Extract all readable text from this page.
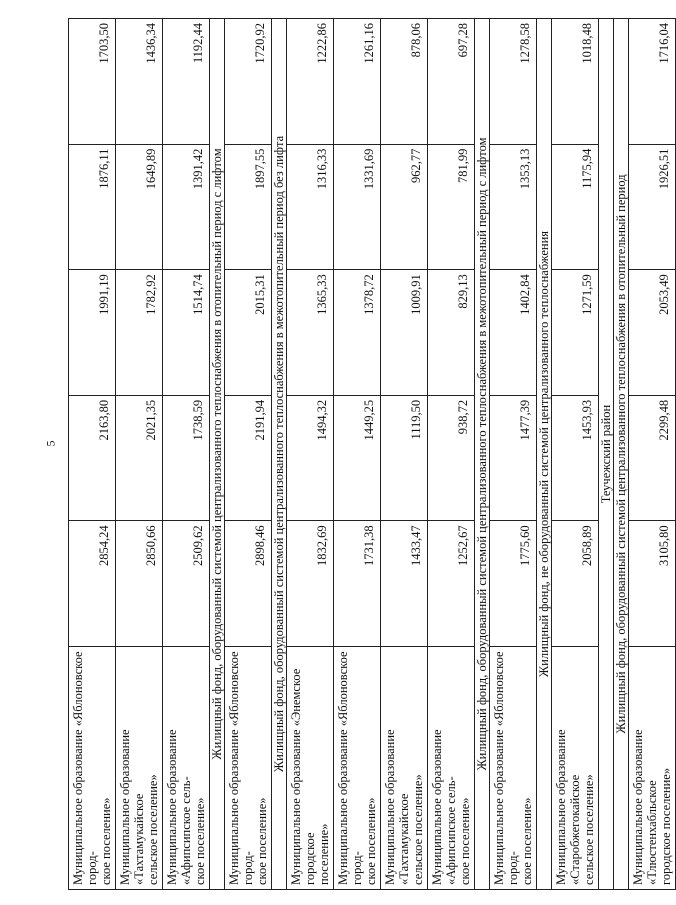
5
Муниципальное образование «Яблоновское город- ское поселение»	2854,24	2163,80	1991,19	1876,11	1703,50

Муниципальное образование «Тахтамукайское сельское поселение»	2850,66	2021,35	1782,92	1649,89	1436,34

Муниципальное образование «Афипсипское сель- ское поселение»	2509,62	1738,59	1514,74	1391,42	1192,44
Жилищный фонд, оборудованный системой централизованного теплоснабжения в отопительный период с лифтом					

Муниципальное образование «Яблоновское город- ское поселение»	2898,46	2191,94	2015,31	1897,55	1720,92
Жилищный фонд, оборудованный системой централизованного теплоснабжения в межотопительный период без лифта					

Муниципальное образование «Энемское городское поселение»	1832,69	1494,32	1365,33	1316,33	1222,86

Муниципальное образование «Яблоновское город- ское поселение»	1731,38	1449,25	1378,72	1331,69	1261,16

Муниципальное образование «Тахтамукайское сельское поселение»	1433,47	1119,50	1009,91	962,77	878,06

Муниципальное образование «Афипсипское сель- ское поселение»	1252,67	938,72	829,13	781,99	697,28
Жилищный фонд, оборудованный системой централизованного теплоснабжения в межотопительный период с лифтом					

Муниципальное образование «Яблоновское город- ское поселение»	1775,60	1477,39	1402,84	1353,13	1278,58
Жилищный фонд, не оборудованный системой централизованного теплоснабжения					

Муниципальное образование «Старобжегокайское сельское поселение»	2058,89	1453,93	1271,59	1175,94	1018,48
Теучежский район					
Жилищный фонд, оборудованный системой централизованного теплоснабжения в отопительный период					

Муниципальное образование «Тлюстенхабльское городское поселение»	3105,80	2299,48	2053,49	1926,51	1716,04
